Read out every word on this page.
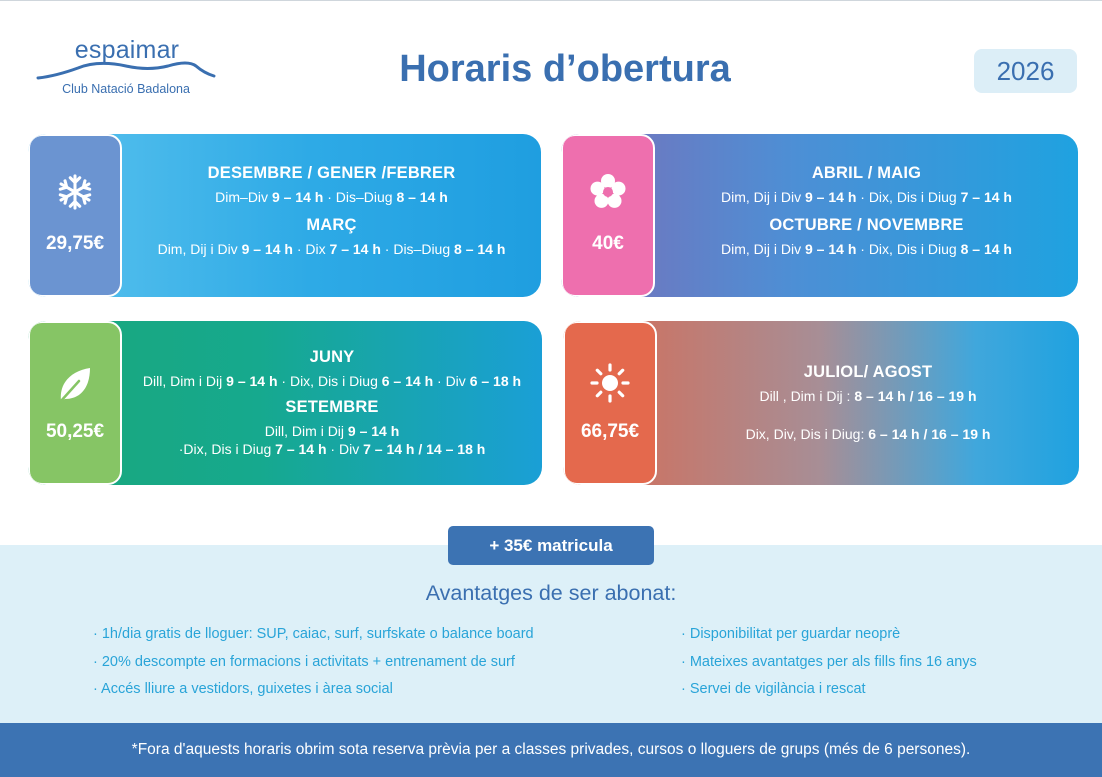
espaimar
Club Natació Badalona	Horaris d’obertura	2026
29,75€
DESEMBRE / GENER /FEBRER
Dim–Div 9 – 14 h · Dis–Diug 8 – 14 h
MARÇ
Dim, Dij i Div 9 – 14 h · Dix 7 – 14 h · Dis–Diug 8 – 14 h	40€
ABRIL / MAIG
Dim, Dij i Div 9 – 14 h · Dix, Dis i Diug 7 – 14 h
OCTUBRE / NOVEMBRE
Dim, Dij i Div 9 – 14 h · Dix, Dis i Diug 8 – 14 h
50,25€
JUNY
Dill, Dim i Dij 9 – 14 h · Dix, Dis i Diug 6 – 14 h · Div 6 – 18 h
SETEMBRE
Dill, Dim i Dij 9 – 14 h
·Dix, Dis i Diug 7 – 14 h · Div 7 – 14 h / 14 – 18 h
66,75€
JULIOL/ AGOST
Dill , Dim i Dij : 8 – 14 h / 16 – 19 h
Dix, Div, Dis i Diug: 6 – 14 h / 16 – 19 h
+ 35€ matricula
Avantatges de ser abonat:
· 1h/dia gratis de lloguer: SUP, caiac, surf, surfskate o balance board
· 20% descompte en formacions i activitats + entrenament de surf
· Accés lliure a vestidors, guixetes i àrea social
· Disponibilitat per guardar neoprè
· Mateixes avantatges per als fills fins 16 anys
· Servei de vigilància i rescat
*Fora d'aquests horaris obrim sota reserva prèvia per a classes privades, cursos o lloguers de grups (més de 6 persones).
